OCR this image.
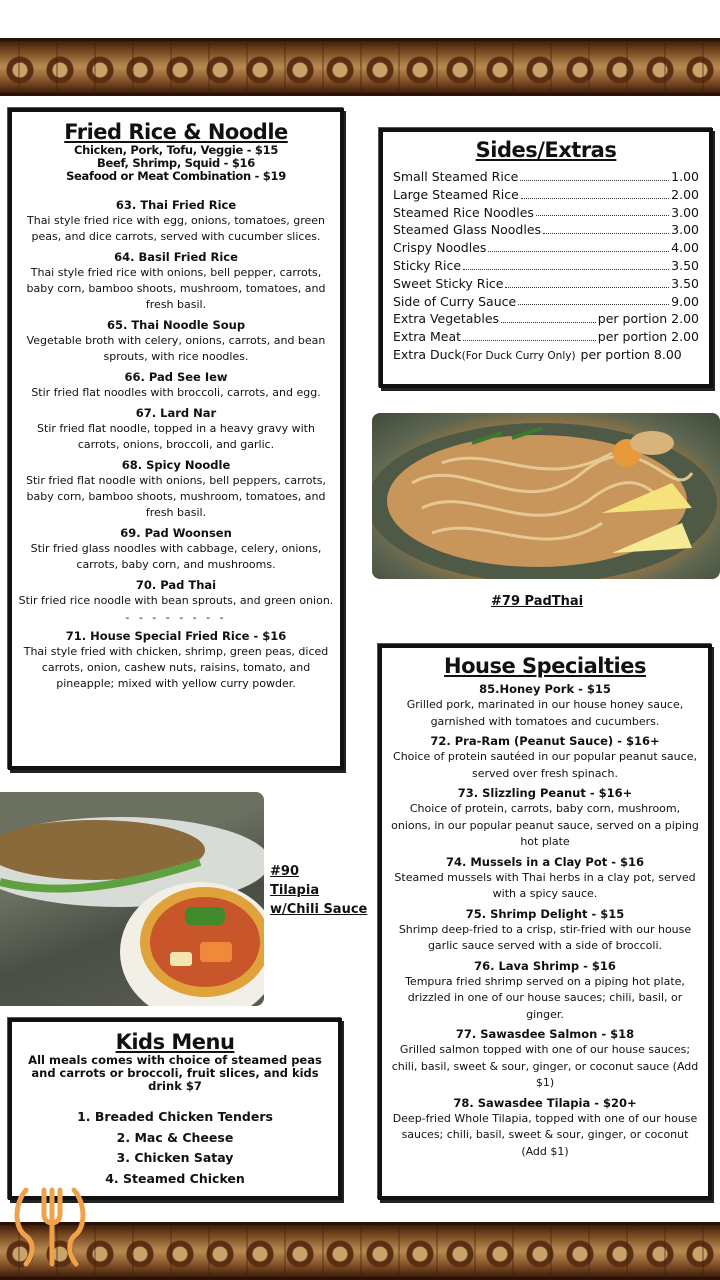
Fried Rice & Noodle
Chicken, Pork, Tofu, Veggie - $15
Beef, Shrimp, Squid - $16
Seafood or Meat Combination - $19
63. Thai Fried Rice
Thai style fried rice with egg, onions, tomatoes, green peas, and dice carrots, served with cucumber slices.
64. Basil Fried Rice
Thai style fried rice with onions, bell pepper, carrots, baby corn, bamboo shoots, mushroom, tomatoes, and fresh basil.
65. Thai Noodle Soup
Vegetable broth with celery, onions, carrots, and bean sprouts, with rice noodles.
66. Pad See Iew
Stir fried flat noodles with broccoli, carrots, and egg.
67. Lard Nar
Stir fried flat noodle, topped in a heavy gravy with carrots, onions, broccoli, and garlic.
68. Spicy Noodle
Stir fried flat noodle with onions, bell peppers, carrots, baby corn, bamboo shoots, mushroom, tomatoes, and fresh basil.
69. Pad Woonsen
Stir fried glass noodles with cabbage, celery, onions, carrots, baby corn, and mushrooms.
70. Pad Thai
Stir fried rice noodle with bean sprouts, and green onion.
- - - - - - - -
71. House Special Fried Rice - $16
Thai style fried with chicken, shrimp, green peas, diced carrots, onion, cashew nuts, raisins, tomato, and pineapple; mixed with yellow curry powder.
Sides/Extras
Small Steamed Rice	1.00
Large Steamed Rice	2.00
Steamed Rice Noodles	3.00
Steamed Glass Noodles	3.00
Crispy Noodles	4.00
Sticky Rice	3.50
Sweet Sticky Rice	3.50
Side of Curry Sauce	9.00
Extra Vegetables	per portion 2.00
Extra Meat	per portion 2.00
Extra Duck(For Duck Curry Only) per portion 8.00
#79 PadThai
#90
Tilapia
w/Chili Sauce
House Specialties
85.Honey Pork - $15
Grilled pork, marinated in our house honey sauce, garnished with tomatoes and cucumbers.
72. Pra-Ram (Peanut Sauce) - $16+
Choice of protein sautéed in our popular peanut sauce, served over fresh spinach.
73. Slizzling Peanut - $16+
Choice of protein, carrots, baby corn, mushroom, onions, in our popular peanut sauce, served on a piping hot plate
74. Mussels in a Clay Pot - $16
Steamed mussels with Thai herbs in a clay pot, served with a spicy sauce.
75. Shrimp Delight - $15
Shrimp deep-fried to a crisp, stir-fried with our house garlic sauce served with a side of broccoli.
76. Lava Shrimp - $16
Tempura fried shrimp served on a piping hot plate, drizzled in one of our house sauces; chili, basil, or ginger.
77. Sawasdee Salmon - $18
Grilled salmon topped with one of our house sauces; chili, basil, sweet & sour, ginger, or coconut sauce (Add $1)
78. Sawasdee Tilapia - $20+
Deep-fried Whole Tilapia, topped with one of our house sauces; chili, basil, sweet & sour, ginger, or coconut (Add $1)
Kids Menu
All meals comes with choice of steamed peas and carrots or broccoli, fruit slices, and kids drink $7
1. Breaded Chicken Tenders
2. Mac & Cheese
3. Chicken Satay
4. Steamed Chicken
